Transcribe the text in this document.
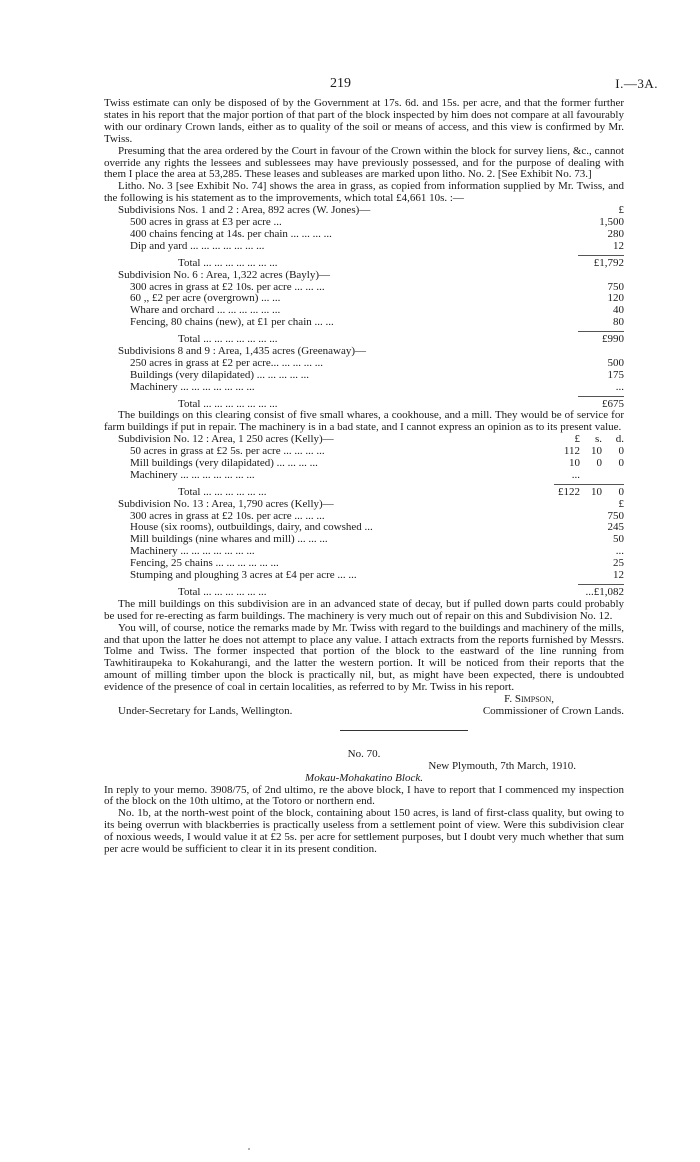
219	I.—3A.

Twiss estimate can only be disposed of by the Government at 17s. 6d. and 15s. per acre, and that the former further states in his report that the major portion of that part of the block inspected by him does not compare at all favourably with our ordinary Crown lands, either as to quality of the soil or means of access, and this view is confirmed by Mr. Twiss.

Presuming that the area ordered by the Court in favour of the Crown within the block for survey liens, &c., cannot override any rights the lessees and sublessees may have previously possessed, and for the purpose of dealing with them I place the area at 53,285. These leases and subleases are marked upon litho. No. 2. [See Exhibit No. 73.]

Litho. No. 3 [see Exhibit No. 74] shows the area in grass, as copied from information supplied by Mr. Twiss, and the following is his statement as to the improvements, which total £4,661 10s. :—

Subdivisions Nos. 1 and 2 : Area, 892 acres (W. Jones)—	£
500 acres in grass at £3 per acre ...	1,500
400 chains fencing at 14s. per chain ... ... ... ...	280
Dip and yard ... ... ... ... ... ... ...	12
Total ... ... ... ... ... ... ...	£1,792
Subdivision No. 6 : Area, 1,322 acres (Bayly)—
300 acres in grass at £2 10s. per acre ... ... ...	750
60 ,, £2 per acre (overgrown) ... ...	120
Whare and orchard ... ... ... ... ... ...	40
Fencing, 80 chains (new), at £1 per chain ... ...	80
Total ... ... ... ... ... ... ...	£990
Subdivisions 8 and 9 : Area, 1,435 acres (Greenaway)—
250 acres in grass at £2 per acre... ... ... ... ...	500
Buildings (very dilapidated) ... ... ... ... ...	175
Machinery ... ... ... ... ... ... ...	...
Total ... ... ... ... ... ... ...	£675

The buildings on this clearing consist of five small whares, a cookhouse, and a mill. They would be of service for farm buildings if put in repair. The machinery is in a bad state, and I cannot express an opinion as to its present value.

Subdivision No. 12 : Area, 1 250 acres (Kelly)—	£	s.	d.
50 acres in grass at £2 5s. per acre ... ... ... ...	112	10	0
Mill buildings (very dilapidated) ... ... ... ...	10	0	0
Machinery ... ... ... ... ... ... ...	...
Total ... ... ... ... ... ...	£122	10	0
Subdivision No. 13 : Area, 1,790 acres (Kelly)—	£
300 acres in grass at £2 10s. per acre ... ... ...	750
House (six rooms), outbuildings, dairy, and cowshed ...	245
Mill buildings (nine whares and mill) ... ... ...	50
Machinery ... ... ... ... ... ... ...	...
Fencing, 25 chains ... ... ... ... ... ...	25
Stumping and ploughing 3 acres at £4 per acre ... ...	12
Total ... ... ... ... ... ...	...£1,082

The mill buildings on this subdivision are in an advanced state of decay, but if pulled down parts could probably be used for re-erecting as farm buildings. The machinery is very much out of repair on this and Subdivision No. 12.

You will, of course, notice the remarks made by Mr. Twiss with regard to the buildings and machinery of the mills, and that upon the latter he does not attempt to place any value. I attach extracts from the reports furnished by Messrs. Tolme and Twiss. The former inspected that portion of the block to the eastward of the line running from Tawhitiraupeka to Kokahurangi, and the latter the western portion. It will be noticed from their reports that the amount of milling timber upon the block is practically nil, but, as might have been expected, there is undoubted evidence of the presence of coal in certain localities, as referred to by Mr. Twiss in his report.

F. Simpson,
Under-Secretary for Lands, Wellington.	Commissioner of Crown Lands.
No. 70.
New Plymouth, 7th March, 1910.
Mokau-Mohakatino Block.

In reply to your memo. 3908/75, of 2nd ultimo, re the above block, I have to report that I commenced my inspection of the block on the 10th ultimo, at the Totoro or northern end.

No. 1b, at the north-west point of the block, containing about 150 acres, is land of first-class quality, but owing to its being overrun with blackberries is practically useless from a settlement point of view. Were this subdivision clear of noxious weeds, I would value it at £2 5s. per acre for settlement purposes, but I doubt very much whether that sum per acre would be sufficient to clear it in its present condition.
